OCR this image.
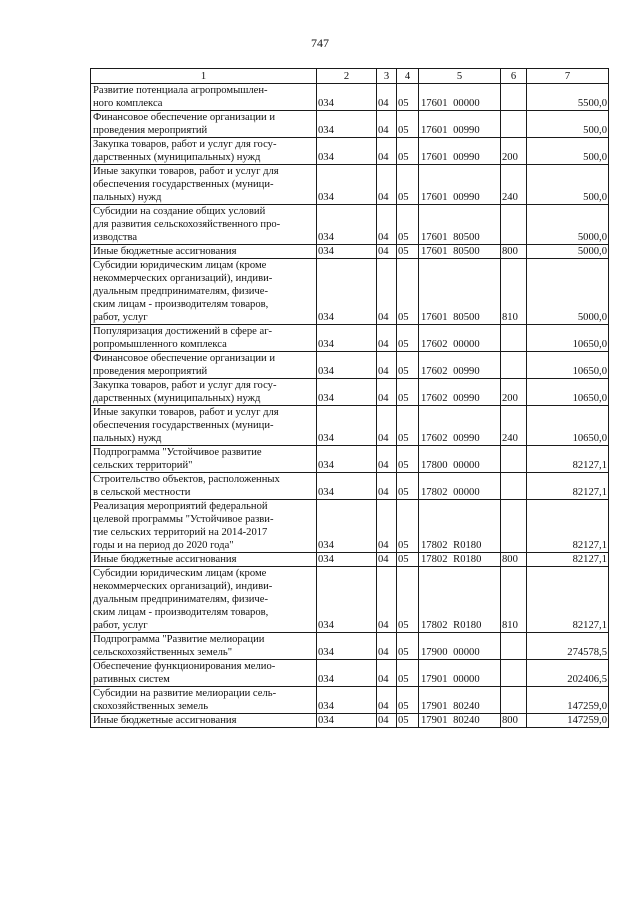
747
1	2	3	4	5	6	7
Развитие потенциала агропромышлен-
ного комплекса	034	04	05	17601 00000		5500,0
Финансовое обеспечение организации и
проведения мероприятий	034	04	05	17601 00990		500,0
Закупка товаров, работ и услуг для госу-
дарственных (муниципальных) нужд	034	04	05	17601 00990	200	500,0
Иные закупки товаров, работ и услуг для
обеспечения государственных (муници-
пальных) нужд	034	04	05	17601 00990	240	500,0
Субсидии на создание общих условий
для развития сельскохозяйственного про-
изводства	034	04	05	17601 80500		5000,0
Иные бюджетные ассигнования	034	04	05	17601 80500	800	5000,0
Субсидии юридическим лицам (кроме
некоммерческих организаций), индиви-
дуальным предпринимателям, физиче-
ским лицам - производителям товаров,
работ, услуг	034	04	05	17601 80500	810	5000,0
Популяризация достижений в сфере аг-
ропромышленного комплекса	034	04	05	17602 00000		10650,0
Финансовое обеспечение организации и
проведения мероприятий	034	04	05	17602 00990		10650,0
Закупка товаров, работ и услуг для госу-
дарственных (муниципальных) нужд	034	04	05	17602 00990	200	10650,0
Иные закупки товаров, работ и услуг для
обеспечения государственных (муници-
пальных) нужд	034	04	05	17602 00990	240	10650,0
Подпрограмма "Устойчивое развитие
сельских территорий"	034	04	05	17800 00000		82127,1
Строительство объектов, расположенных
в сельской местности	034	04	05	17802 00000		82127,1
Реализация мероприятий федеральной
целевой программы "Устойчивое разви-
тие сельских территорий на 2014-2017
годы и на период до 2020 года"	034	04	05	17802 R0180		82127,1
Иные бюджетные ассигнования	034	04	05	17802 R0180	800	82127,1
Субсидии юридическим лицам (кроме
некоммерческих организаций), индиви-
дуальным предпринимателям, физиче-
ским лицам - производителям товаров,
работ, услуг	034	04	05	17802 R0180	810	82127,1
Подпрограмма "Развитие мелиорации
сельскохозяйственных земель"	034	04	05	17900 00000		274578,5
Обеспечение функционирования мелио-
ративных систем	034	04	05	17901 00000		202406,5
Субсидии на развитие мелиорации сель-
скохозяйственных земель	034	04	05	17901 80240		147259,0
Иные бюджетные ассигнования	034	04	05	17901 80240	800	147259,0
